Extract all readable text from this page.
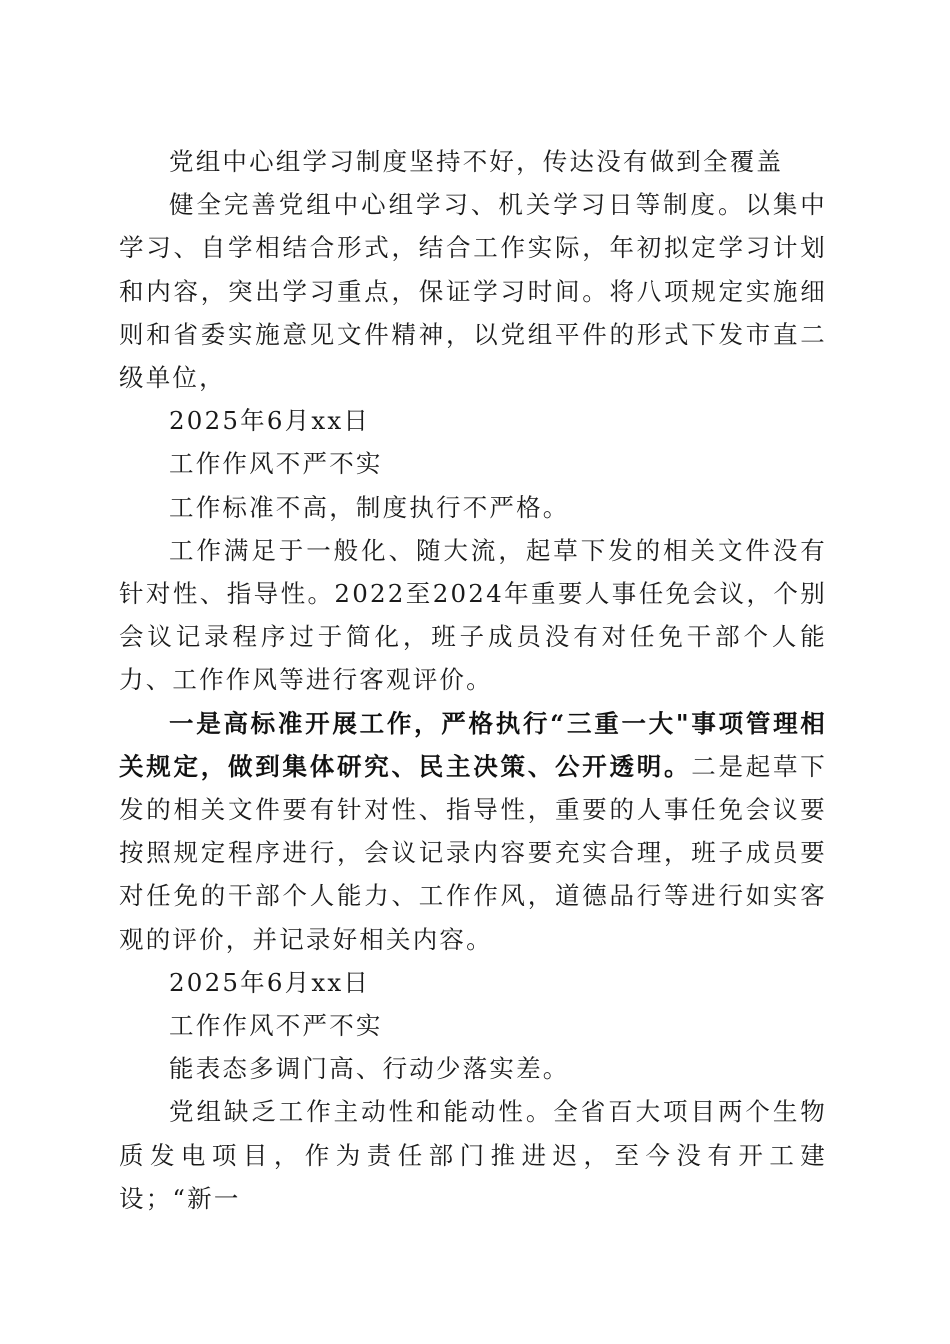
党组中心组学习制度坚持不好，传达没有做到全覆盖

健全完善党组中心组学习、机关学习日等制度。以集中学习、自学相结合形式，结合工作实际，年初拟定学习计划和内容，突出学习重点，保证学习时间。将八项规定实施细则和省委实施意见文件精神，以党组平件的形式下发市直二级单位，

2025年6月xx日

工作作风不严不实

工作标准不高，制度执行不严格。

工作满足于一般化、随大流，起草下发的相关文件没有针对性、指导性。2022至2024年重要人事任免会议，个别会议记录程序过于简化，班子成员没有对任免干部个人能力、工作作风等进行客观评价。

一是高标准开展工作，严格执行“三重一大"事项管理相关规定，做到集体研究、民主决策、公开透明。二是起草下发的相关文件要有针对性、指导性，重要的人事任免会议要按照规定程序进行，会议记录内容要充实合理，班子成员要对任免的干部个人能力、工作作风，道德品行等进行如实客观的评价，并记录好相关内容。

2025年6月xx日

工作作风不严不实

能表态多调门高、行动少落实差。

党组缺乏工作主动性和能动性。全省百大项目两个生物质发电项目，作为责任部门推进迟，至今没有开工建设；“新一
